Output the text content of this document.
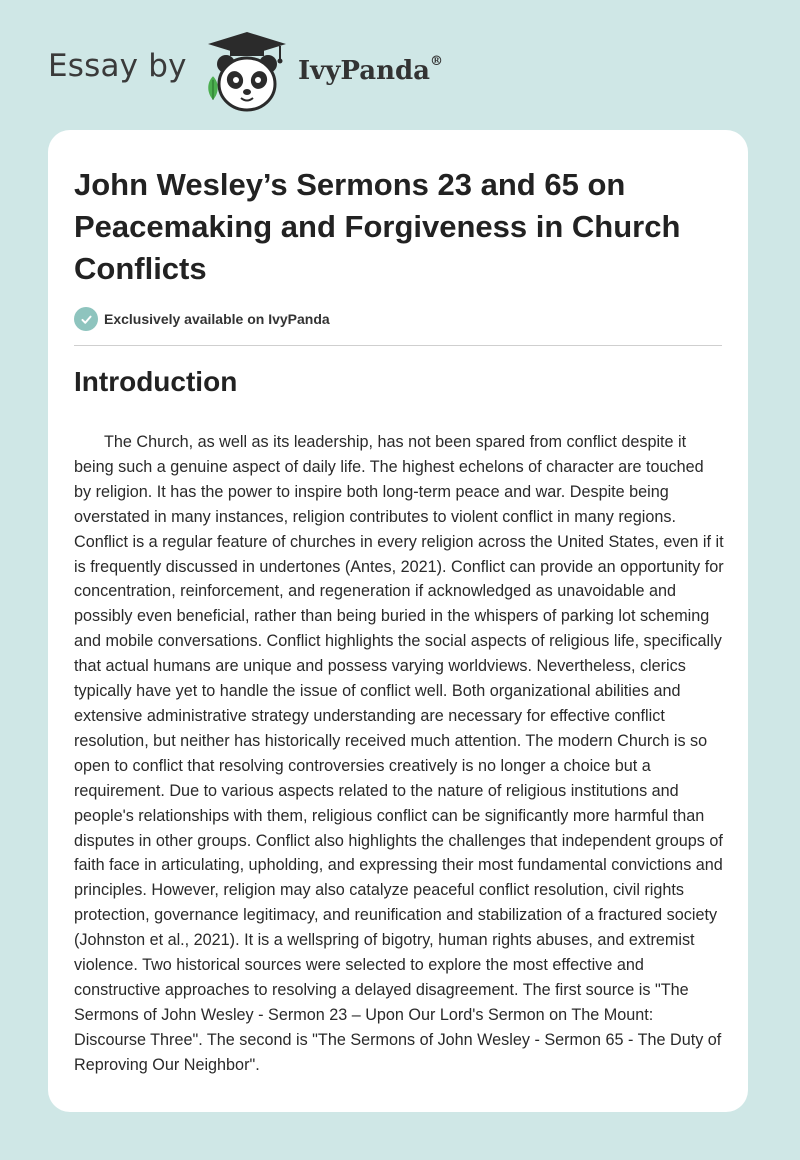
Essay by	IvyPanda®
John Wesley’s Sermons 23 and 65 on Peacemaking and Forgiveness in Church Conflicts
Exclusively available on IvyPanda
Introduction

The Church, as well as its leadership, has not been spared from conflict despite it being such a genuine aspect of daily life. The highest echelons of character are touched by religion. It has the power to inspire both long-term peace and war. Despite being overstated in many instances, religion contributes to violent conflict in many regions. Conflict is a regular feature of churches in every religion across the United States, even if it is frequently discussed in undertones (Antes, 2021). Conflict can provide an opportunity for concentration, reinforcement, and regeneration if acknowledged as unavoidable and possibly even beneficial, rather than being buried in the whispers of parking lot scheming and mobile conversations. Conflict highlights the social aspects of religious life, specifically that actual humans are unique and possess varying worldviews. Nevertheless, clerics typically have yet to handle the issue of conflict well. Both organizational abilities and extensive administrative strategy understanding are necessary for effective conflict resolution, but neither has historically received much attention. The modern Church is so open to conflict that resolving controversies creatively is no longer a choice but a requirement. Due to various aspects related to the nature of religious institutions and people's relationships with them, religious conflict can be significantly more harmful than disputes in other groups. Conflict also highlights the challenges that independent groups of faith face in articulating, upholding, and expressing their most fundamental convictions and principles. However, religion may also catalyze peaceful conflict resolution, civil rights protection, governance legitimacy, and reunification and stabilization of a fractured society (Johnston et al., 2021). It is a wellspring of bigotry, human rights abuses, and extremist violence. Two historical sources were selected to explore the most effective and constructive approaches to resolving a delayed disagreement. The first source is "The Sermons of John Wesley - Sermon 23 – Upon Our Lord's Sermon on The Mount: Discourse Three". The second is "The Sermons of John Wesley - Sermon 65 - The Duty of Reproving Our Neighbor".
